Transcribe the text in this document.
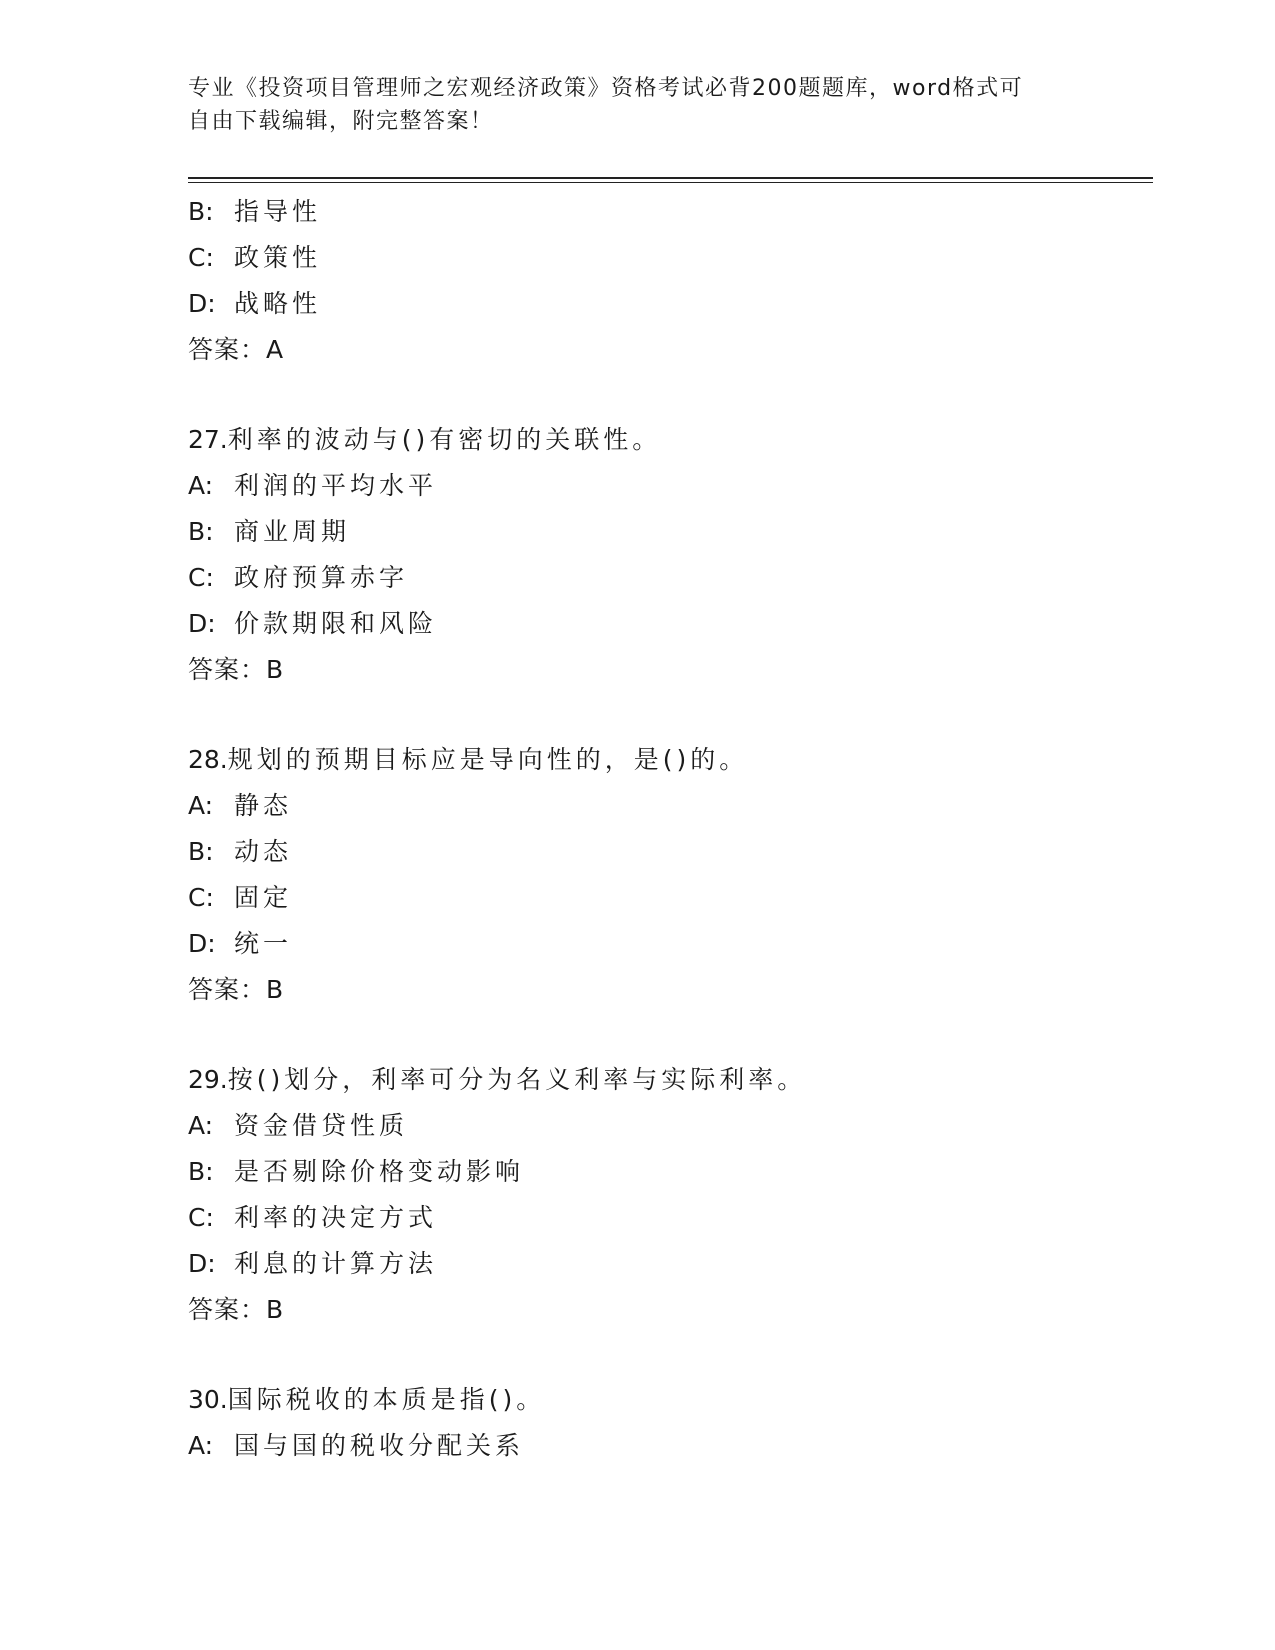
专业《投资项目管理师之宏观经济政策》资格考试必背200题题库，word格式可
自由下载编辑，附完整答案！
B: 指导性
C: 政策性
D: 战略性
答案：A
27.利率的波动与()有密切的关联性。
A: 利润的平均水平
B: 商业周期
C: 政府预算赤字
D: 价款期限和风险
答案：B
28.规划的预期目标应是导向性的，是()的。
A: 静态
B: 动态
C: 固定
D: 统一
答案：B
29.按()划分，利率可分为名义利率与实际利率。
A: 资金借贷性质
B: 是否剔除价格变动影响
C: 利率的决定方式
D: 利息的计算方法
答案：B
30.国际税收的本质是指()。
A: 国与国的税收分配关系
